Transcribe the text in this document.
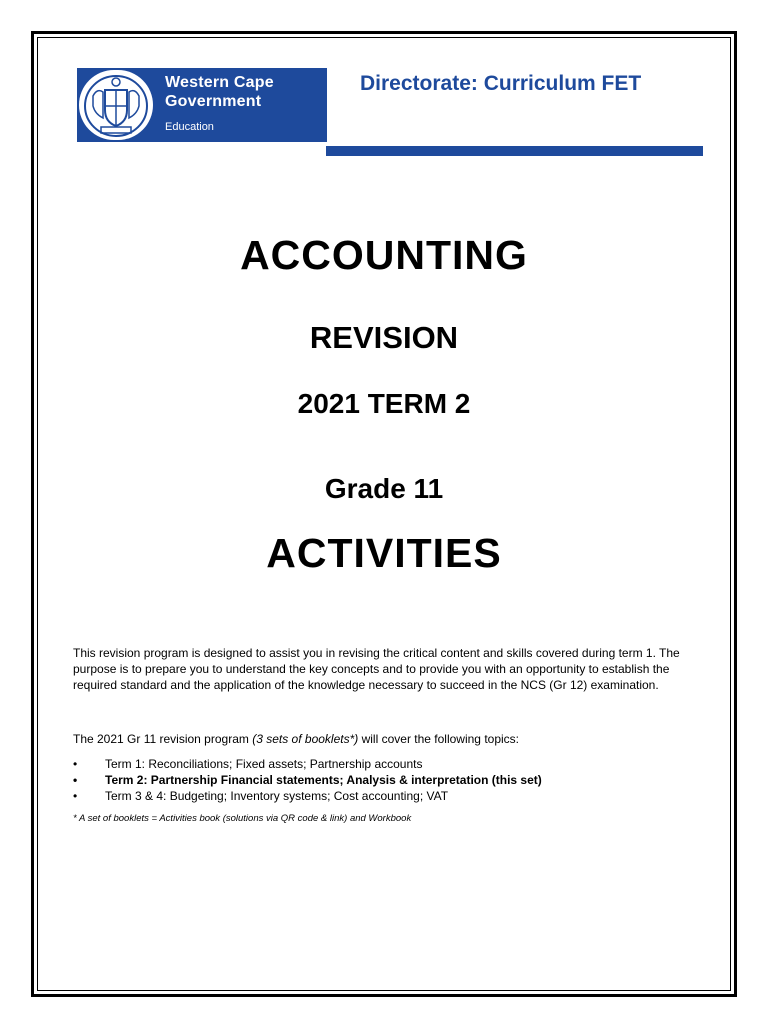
Western Cape
Government
Education
Directorate: Curriculum FET
ACCOUNTING
REVISION
2021 TERM 2
Grade 11
ACTIVITIES
This revision program is designed to assist you in revising the critical content and skills covered during term 1. The purpose is to prepare you to understand the key concepts and to provide you with an opportunity to establish the required standard and the application of the knowledge necessary to succeed in the NCS (Gr 12) examination.
The 2021 Gr 11 revision program (3 sets of booklets*) will cover the following topics:
• Term 1: Reconciliations; Fixed assets; Partnership accounts
• Term 2: Partnership Financial statements; Analysis & interpretation (this set)
• Term 3 & 4: Budgeting; Inventory systems; Cost accounting; VAT
* A set of booklets = Activities book (solutions via QR code & link) and Workbook
